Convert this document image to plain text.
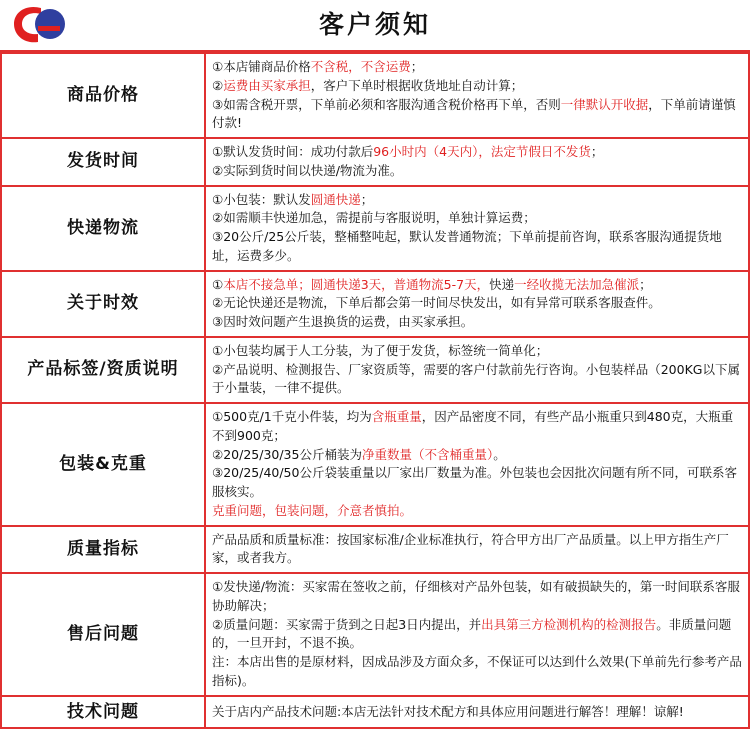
客户须知
商品价格	①本店铺商品价格不含税，不含运费；

②运费由买家承担，客户下单时根据收货地址自动计算；

③如需含税开票，下单前必须和客服沟通含税价格再下单，否则一律默认开收据，下单前请谨慎付款!

发货时间	①默认发货时间：成功付款后96小时内（4天内），法定节假日不发货；

②实际到货时间以快递/物流为准。

快递物流	①小包装：默认发圆通快递；

②如需顺丰快递加急，需提前与客服说明，单独计算运费；

③20公斤/25公斤装，整桶整吨起，默认发普通物流；下单前提前咨询，联系客服沟通提货地址，运费多少。

关于时效	①本店不接急单；圆通快递3天，普通物流5-7天，快递一经收揽无法加急催派；

②无论快递还是物流，下单后都会第一时间尽快发出，如有异常可联系客服查件。

③因时效问题产生退换货的运费，由买家承担。

产品标签/资质说明	①小包装均属于人工分装，为了便于发货，标签统一简单化；

②产品说明、检测报告、厂家资质等，需要的客户付款前先行咨询。小包装样品（200KG以下属于小量装，一律不提供。

包装&克重	①500克/1千克小件装，均为含瓶重量，因产品密度不同，有些产品小瓶重只到480克，大瓶重不到900克；

②20/25/30/35公斤桶装为净重数量（不含桶重量）。

③20/25/40/50公斤袋装重量以厂家出厂数量为准。外包装也会因批次问题有所不同，可联系客服核实。

克重问题，包装问题，介意者慎拍。

质量指标	产品品质和质量标准：按国家标准/企业标准执行，符合甲方出厂产品质量。以上甲方指生产厂家，或者我方。

售后问题	①发快递/物流：买家需在签收之前，仔细核对产品外包装，如有破损缺失的，第一时间联系客服协助解决；

②质量问题：买家需于货到之日起3日内提出，并出具第三方检测机构的检测报告。非质量问题的，一旦开封，不退不换。

注：本店出售的是原材料，因成品涉及方面众多，不保证可以达到什么效果(下单前先行参考产品指标)。

技术问题	关于店内产品技术问题:本店无法针对技术配方和具体应用问题进行解答！理解！谅解!
